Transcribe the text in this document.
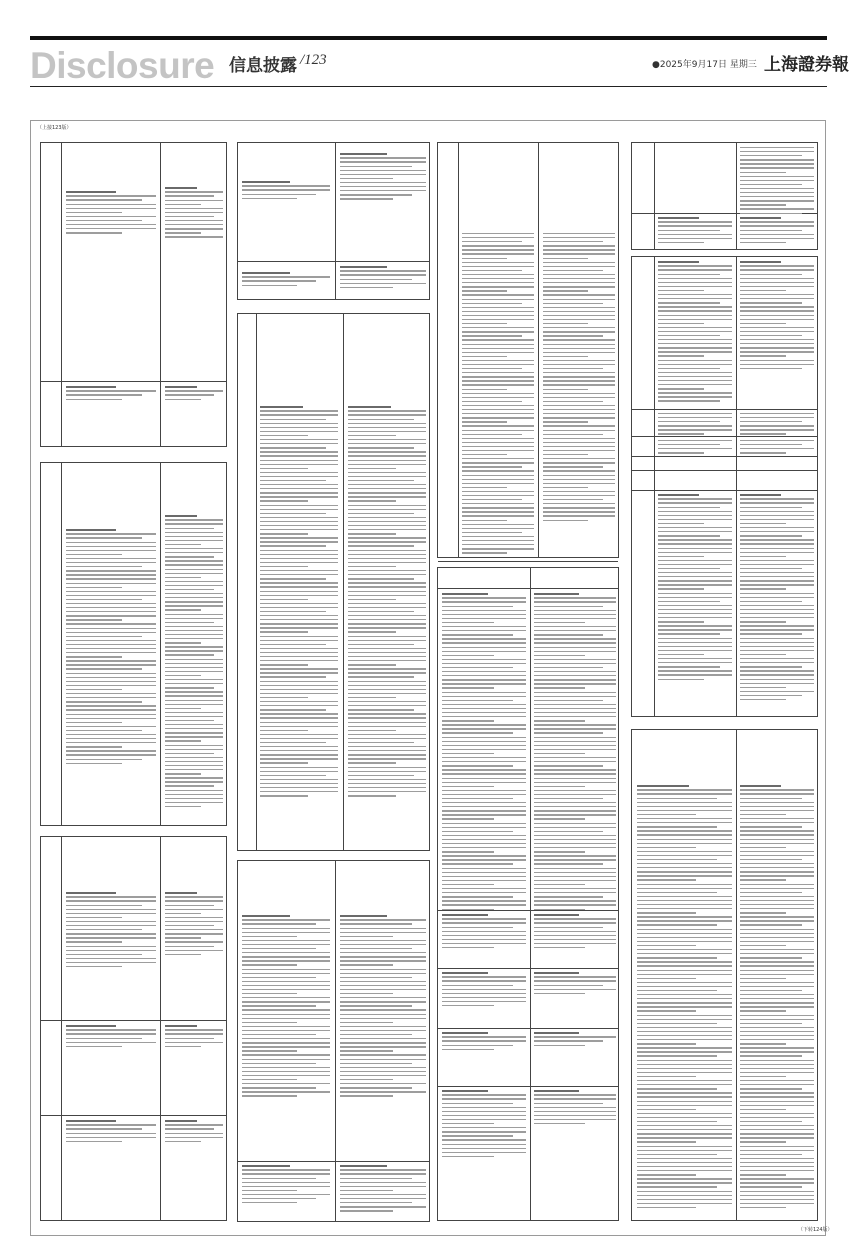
Disclosure 信息披露 /123	●2025年9月17日 星期三 上海證券報
（上接123版）
（下转124版）
